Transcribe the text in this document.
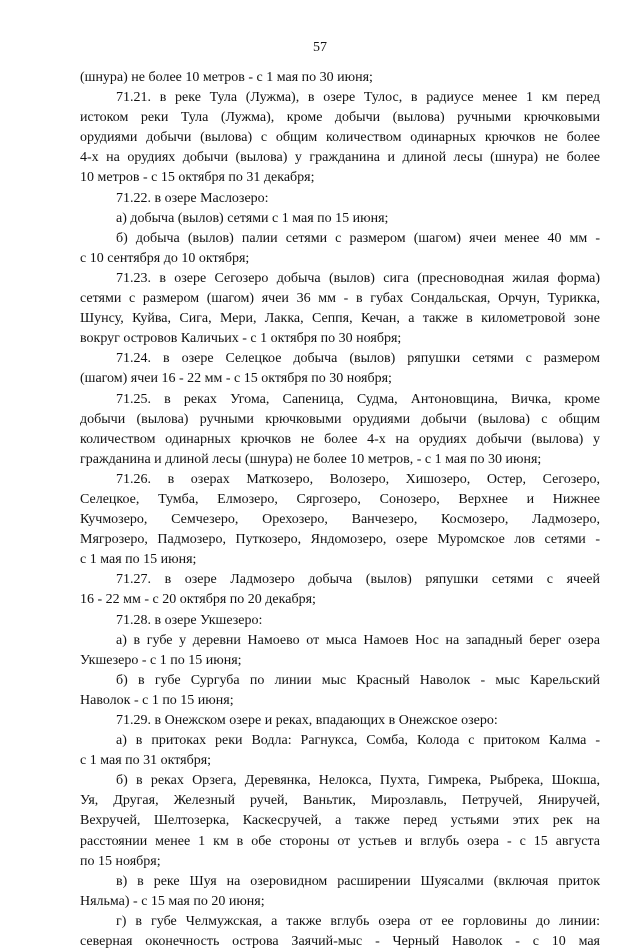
57

(шнура) не более 10 метров - с 1 мая по 30 июня;

71.21. в реке Тула (Лужма), в озере Тулос, в радиусе менее 1 км перед

истоком реки Тула (Лужма), кроме добычи (вылова) ручными крючковыми

орудиями добычи (вылова) с общим количеством одинарных крючков не более

4-х на орудиях добычи (вылова) у гражданина и длиной лесы (шнура) не более

10 метров - с 15 октября по 31 декабря;

71.22. в озере Маслозеро:

а) добыча (вылов) сетями с 1 мая по 15 июня;

б) добыча (вылов) палии сетями с размером (шагом) ячеи менее 40 мм -

с 10 сентября до 10 октября;

71.23. в озере Сегозеро добыча (вылов) сига (пресноводная жилая форма)

сетями с размером (шагом) ячеи 36 мм - в губах Сондальская, Орчун, Турикка,

Шунсу, Куйва, Сига, Мери, Лакка, Сеппя, Кечан, а также в километровой зоне

вокруг островов Каличьих - с 1 октября по 30 ноября;

71.24. в озере Селецкое добыча (вылов) ряпушки сетями с размером

(шагом) ячеи 16 - 22 мм - с 15 октября по 30 ноября;

71.25. в реках Угома, Сапеница, Судма, Антоновщина, Вичка, кроме

добычи (вылова) ручными крючковыми орудиями добычи (вылова) с общим

количеством одинарных крючков не более 4-х на орудиях добычи (вылова) у

гражданина и длиной лесы (шнура) не более 10 метров, - с 1 мая по 30 июня;

71.26. в озерах Маткозеро, Волозеро, Хишозеро, Остер, Сегозеро,

Селецкое, Тумба, Елмозеро, Сяргозеро, Сонозеро, Верхнее и Нижнее

Кучмозеро, Семчезеро, Орехозеро, Ванчезеро, Космозеро, Ладмозеро,

Мягрозеро, Падмозеро, Путкозеро, Яндомозеро, озере Муромское лов сетями -

с 1 мая по 15 июня;

71.27. в озере Ладмозеро добыча (вылов) ряпушки сетями с ячеей

16 - 22 мм - с 20 октября по 20 декабря;

71.28. в озере Укшезеро:

а) в губе у деревни Намоево от мыса Намоев Нос на западный берег озера

Укшезеро - с 1 по 15 июня;

б) в губе Сургуба по линии мыс Красный Наволок - мыс Карельский

Наволок - с 1 по 15 июня;

71.29. в Онежском озере и реках, впадающих в Онежское озеро:

а) в притоках реки Водла: Рагнукса, Сомба, Колода с притоком Калма -

с 1 мая по 31 октября;

б) в реках Орзега, Деревянка, Нелокса, Пухта, Гимрека, Рыбрека, Шокша,

Уя, Другая, Железный ручей, Ваньтик, Мирозлавль, Петручей, Яниручей,

Вехручей, Шелтозерка, Каскесручей, а также перед устьями этих рек на

расстоянии менее 1 км в обе стороны от устьев и вглубь озера - с 15 августа

по 15 ноября;

в) в реке Шуя на озеровидном расширении Шуясалми (включая приток

Няльма) - с 15 мая по 20 июня;

г) в губе Челмужская, а также вглубь озера от ее горловины до линии:

северная оконечность острова Заячий-мыс - Черный Наволок - с 10 мая
